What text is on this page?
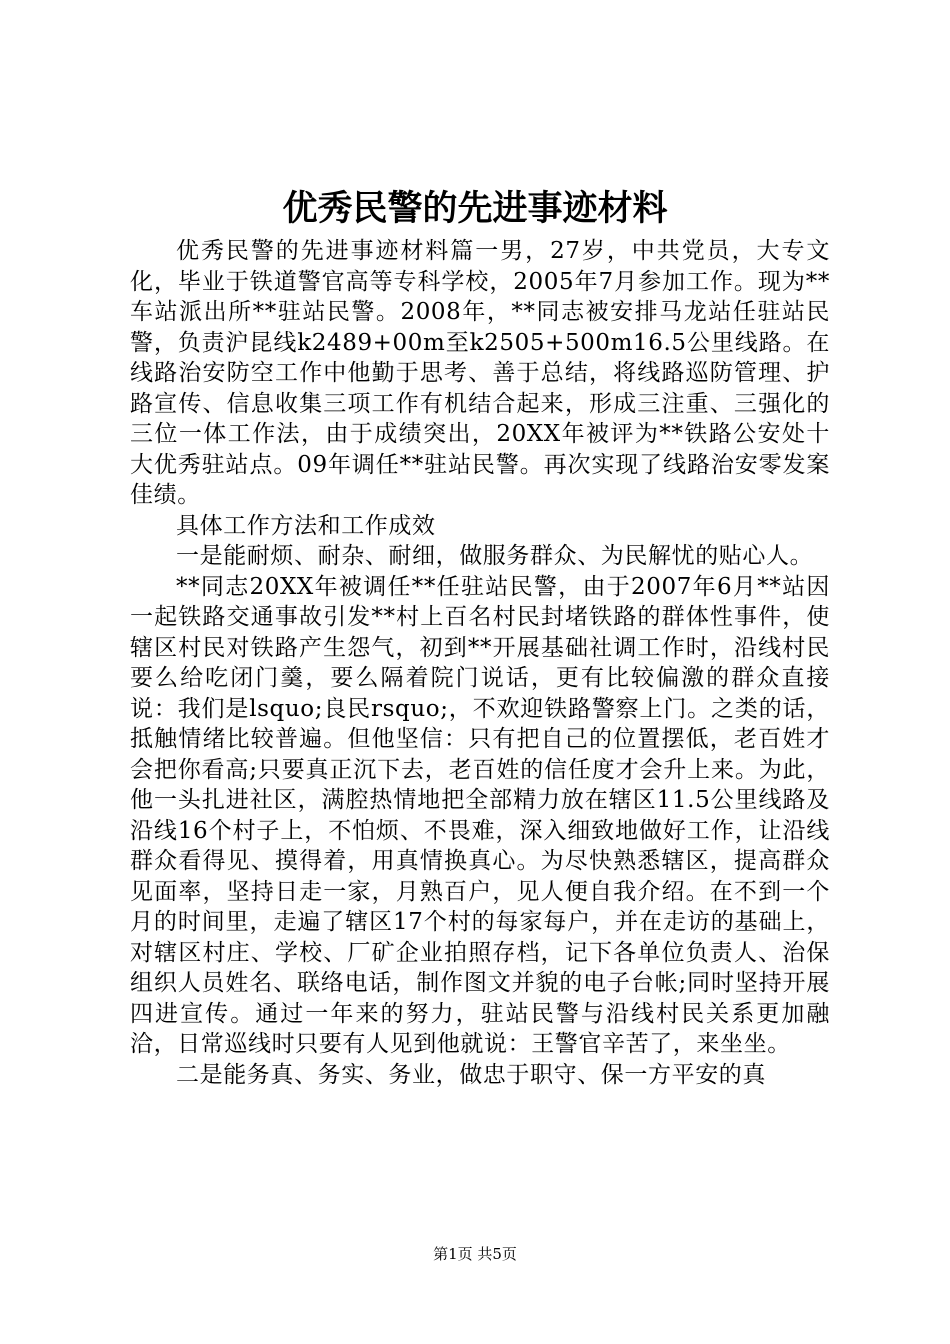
优秀民警的先进事迹材料

优秀民警的先进事迹材料篇一男，27岁，中共党员，大专文化，毕业于铁道警官高等专科学校，2005年7月参加工作。现为**车站派出所**驻站民警。2008年，**同志被安排马龙站任驻站民警，负责沪昆线k2489+00m至k2505+500m16.5公里线路。在线路治安防空工作中他勤于思考、善于总结，将线路巡防管理、护路宣传、信息收集三项工作有机结合起来，形成三注重、三强化的三位一体工作法，由于成绩突出，20XX年被评为**铁路公安处十大优秀驻站点。09年调任**驻站民警。再次实现了线路治安零发案佳绩。

具体工作方法和工作成效

一是能耐烦、耐杂、耐细，做服务群众、为民解忧的贴心人。

**同志20XX年被调任**任驻站民警，由于2007年6月**站因一起铁路交通事故引发**村上百名村民封堵铁路的群体性事件，使辖区村民对铁路产生怨气，初到**开展基础社调工作时，沿线村民要么给吃闭门羹，要么隔着院门说话，更有比较偏激的群众直接说：我们是lsquo;良民rsquo;，不欢迎铁路警察上门。之类的话，抵触情绪比较普遍。但他坚信：只有把自己的位置摆低，老百姓才会把你看高;只要真正沉下去，老百姓的信任度才会升上来。为此，他一头扎进社区，满腔热情地把全部精力放在辖区11.5公里线路及沿线16个村子上，不怕烦、不畏难，深入细致地做好工作，让沿线群众看得见、摸得着，用真情换真心。为尽快熟悉辖区，提高群众见面率，坚持日走一家，月熟百户，见人便自我介绍。在不到一个月的时间里，走遍了辖区17个村的每家每户，并在走访的基础上，对辖区村庄、学校、厂矿企业拍照存档，记下各单位负责人、治保组织人员姓名、联络电话，制作图文并貌的电子台帐;同时坚持开展四进宣传。通过一年来的努力，驻站民警与沿线村民关系更加融洽，日常巡线时只要有人见到他就说：王警官辛苦了，来坐坐。

二是能务真、务实、务业，做忠于职守、保一方平安的真

第1页 共5页
